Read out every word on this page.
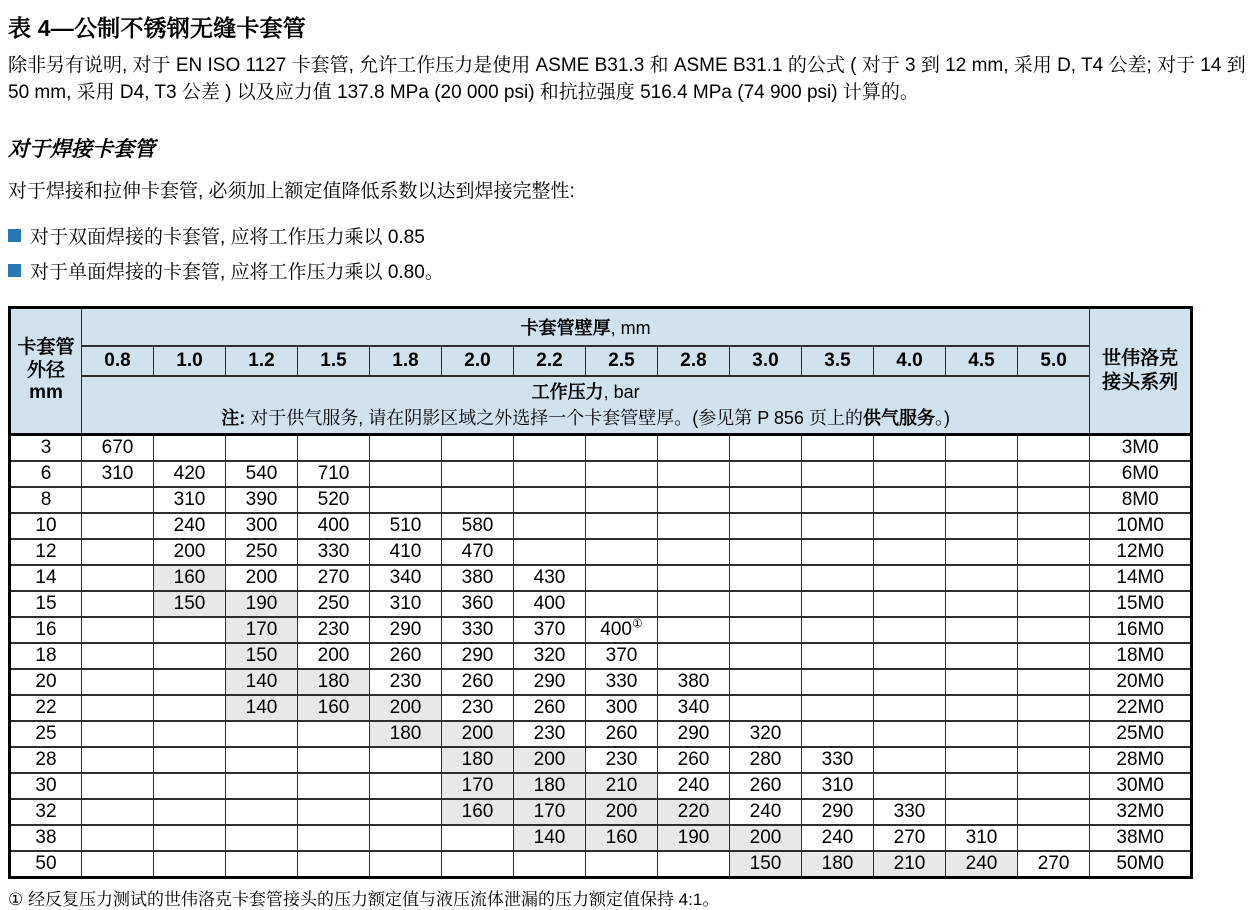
表 4—公制不锈钢无缝卡套管

除非另有说明, 对于 EN ISO 1127 卡套管, 允许工作压力是使用 ASME B31.3 和 ASME B31.1 的公式 ( 对于 3 到 12 mm, 采用 D, T4 公差; 对于 14 到 50 mm, 采用 D4, T3 公差 ) 以及应力值 137.8 MPa (20 000 psi) 和抗拉强度 516.4 MPa (74 900 psi) 计算的。

对于焊接卡套管

对于焊接和拉伸卡套管, 必须加上额定值降低系数以达到焊接完整性:

对于双面焊接的卡套管, 应将工作压力乘以 0.85
对于单面焊接的卡套管, 应将工作压力乘以 0.80。
卡套管
外径
mm
	卡套管壁厚, mm	
世伟洛克
接头系列

	0.8	1.0	1.2	1.5	1.8	2.0	2.2	2.5	2.8	3.0	3.5	4.0	4.5	5.0	

	工作压力, bar
注: 对于供气服务, 请在阴影区域之外选择一个卡套管壁厚。(参见第 P 856 页上的供气服务。)														

3	670														3M0
6	310	420	540	710											6M0
8		310	390	520											8M0
10		240	300	400	510	580									10M0
12		200	250	330	410	470									12M0
14		160	200	270	340	380	430								14M0
15		150	190	250	310	360	400								15M0
16			170	230	290	330	370	400①							16M0
18			150	200	260	290	320	370							18M0
20			140	180	230	260	290	330	380						20M0
22			140	160	200	230	260	300	340						22M0
25					180	200	230	260	290	320					25M0
28						180	200	230	260	280	330				28M0
30						170	180	210	240	260	310				30M0
32						160	170	200	220	240	290	330			32M0
38							140	160	190	200	240	270	310		38M0
50										150	180	210	240	270	50M0

① 经反复压力测试的世伟洛克卡套管接头的压力额定值与液压流体泄漏的压力额定值保持 4:1。
